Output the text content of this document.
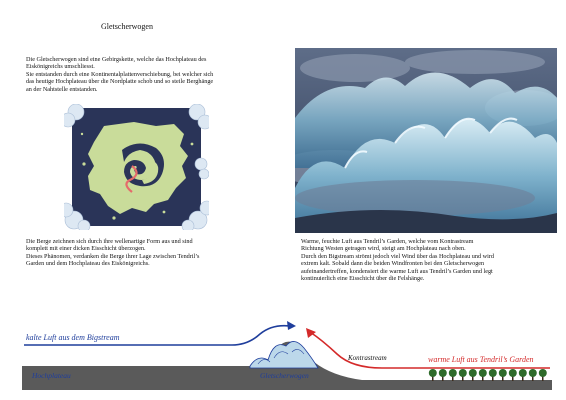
Gletscherwogen
Die Gletscherwogen sind eine Gebirgskette, welche das Hochplateau des
Eiskönigreichs umschliesst.
Sie entstanden durch eine Kontinentalplattenverschiebung, bei welcher sich
das heutige Hochplateau über die Nordplatte schob und so steile Berghänge
an der Nahtstelle entstanden.
Die Berge zeichnen sich durch ihre wellenartige Form aus und sind
komplett mit einer dicken Eisschicht überzogen.
Dieses Phänomen, verdanken die Berge ihrer Lage zwischen Tendril’s
Garden und dem Hochplateau des Eiskönigreichs.
Warme, feuchte Luft aus Tendril’s Garden, welche vom Kontrastream
Richtung Westen getragen wird, steigt am Hochplateau nach oben.
Durch den Bigstream strömt jedoch viel Wind über das Hochplateau und wird
extrem kalt. Sobald dann die beiden Windfronten bei den Gletscherwogen
aufeinandertreffen, kondensiert die warme Luft aus Tendril’s Garden und legt
kontinuierlich eine Eisschicht über die Felshänge.
kalte Luft aus dem Bigstream
warme Luft aus Tendril’s Garden
Kontrastream
Hochplateau	Gletscherwogen
